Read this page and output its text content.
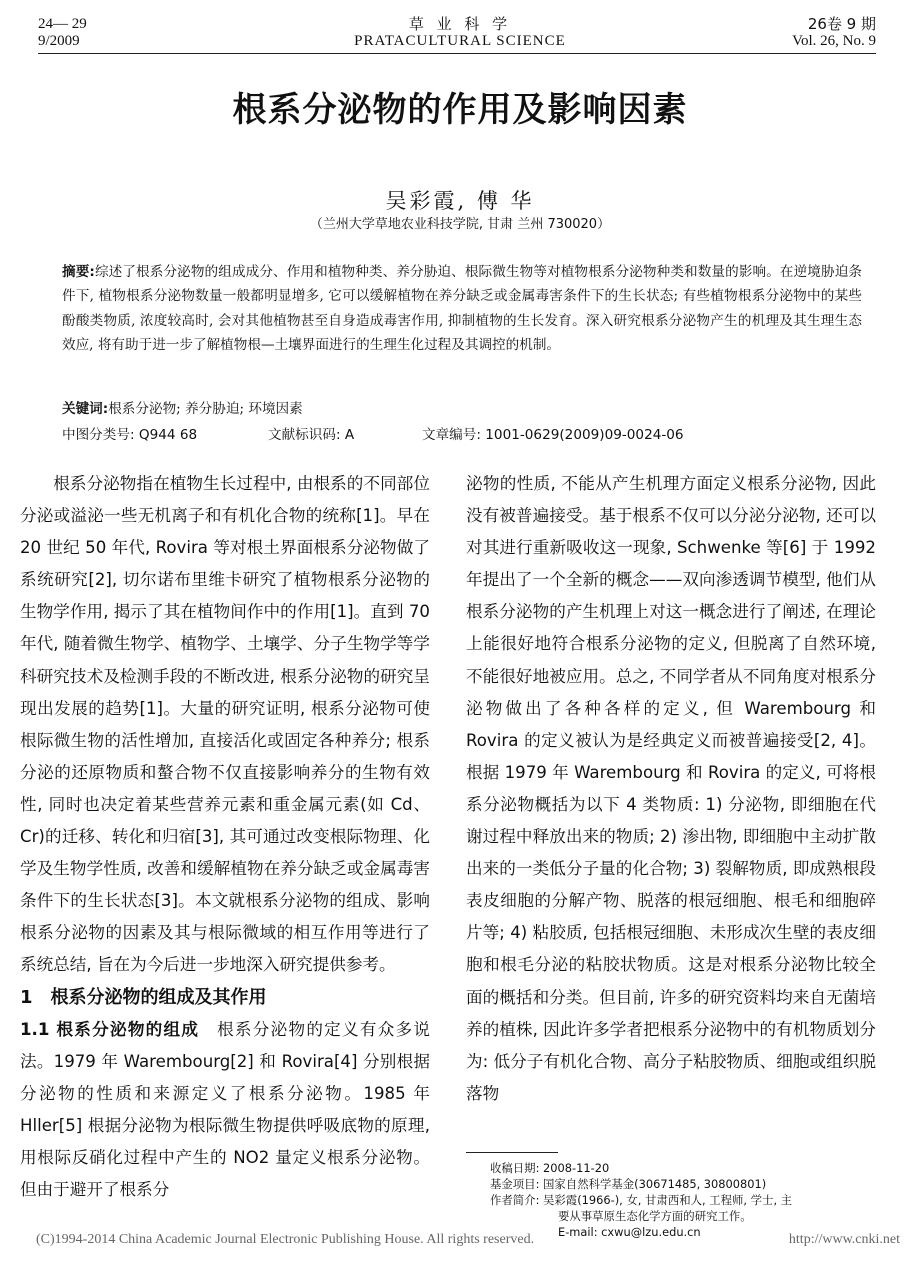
24— 29
9/2009
草 业 科 学
PRATACULTURAL SCIENCE
26卷 9 期
Vol. 26, No. 9
根系分泌物的作用及影响因素
吴彩霞, 傅 华
（兰州大学草地农业科技学院, 甘肃 兰州 730020）
摘要:综述了根系分泌物的组成成分、作用和植物种类、养分胁迫、根际微生物等对植物根系分泌物种类和数量的影响。在逆境胁迫条件下, 植物根系分泌物数量一般都明显增多, 它可以缓解植物在养分缺乏或金属毒害条件下的生长状态; 有些植物根系分泌物中的某些酚酸类物质, 浓度较高时, 会对其他植物甚至自身造成毒害作用, 抑制植物的生长发育。深入研究根系分泌物产生的机理及其生理生态效应, 将有助于进一步了解植物根—土壤界面进行的生理生化过程及其调控的机制。
关键词:根系分泌物; 养分胁迫; 环境因素
中图分类号: Q944 68	文献标识码: A	文章编号: 1001-0629(2009)09-0024-06

根系分泌物指在植物生长过程中, 由根系的不同部位分泌或溢泌一些无机离子和有机化合物的统称[1]。早在 20 世纪 50 年代, Rovira 等对根土界面根系分泌物做了系统研究[2], 切尔诺布里维卡研究了植物根系分泌物的生物学作用, 揭示了其在植物间作中的作用[1]。直到 70 年代, 随着微生物学、植物学、土壤学、分子生物学等学科研究技术及检测手段的不断改进, 根系分泌物的研究呈现出发展的趋势[1]。大量的研究证明, 根系分泌物可使根际微生物的活性增加, 直接活化或固定各种养分; 根系分泌的还原物质和螯合物不仅直接影响养分的生物有效性, 同时也决定着某些营养元素和重金属元素(如 Cd、Cr)的迁移、转化和归宿[3], 其可通过改变根际物理、化学及生物学性质, 改善和缓解植物在养分缺乏或金属毒害条件下的生长状态[3]。本文就根系分泌物的组成、影响根系分泌物的因素及其与根际微域的相互作用等进行了系统总结, 旨在为今后进一步地深入研究提供参考。

1　根系分泌物的组成及其作用

1.1 根系分泌物的组成　 根系分泌物的定义有众多说法。1979 年 Warembourg[2] 和 Rovira[4] 分别根据分泌物的性质和来源定义了根系分泌物。1985 年 Hller[5] 根据分泌物为根际微生物提供呼吸底物的原理, 用根际反硝化过程中产生的 NO2 量定义根系分泌物。但由于避开了根系分

泌物的性质, 不能从产生机理方面定义根系分泌物, 因此没有被普遍接受。基于根系不仅可以分泌分泌物, 还可以对其进行重新吸收这一现象, Schwenke 等[6] 于 1992 年提出了一个全新的概念——双向渗透调节模型, 他们从根系分泌物的产生机理上对这一概念进行了阐述, 在理论上能很好地符合根系分泌物的定义, 但脱离了自然环境, 不能很好地被应用。总之, 不同学者从不同角度对根系分泌物做出了各种各样的定义, 但 Warembourg 和 Rovira 的定义被认为是经典定义而被普遍接受[2, 4]。根据 1979 年 Warembourg 和 Rovira 的定义, 可将根系分泌物概括为以下 4 类物质: 1) 分泌物, 即细胞在代谢过程中释放出来的物质; 2) 渗出物, 即细胞中主动扩散出来的一类低分子量的化合物; 3) 裂解物质, 即成熟根段表皮细胞的分解产物、脱落的根冠细胞、根毛和细胞碎片等; 4) 粘胶质, 包括根冠细胞、未形成次生壁的表皮细胞和根毛分泌的粘胶状物质。这是对根系分泌物比较全面的概括和分类。但目前, 许多的研究资料均来自无菌培养的植株, 因此许多学者把根系分泌物中的有机物质划分为: 低分子有机化合物、高分子粘胶物质、细胞或组织脱落物

收稿日期: 2008-11-20
基金项目: 国家自然科学基金(30671485, 30800801)
作者简介: 吴彩霞(1966-), 女, 甘肃西和人, 工程师, 学士, 主
要从事草原生态化学方面的研究工作。
E-mail: cxwu@lzu.edu.cn
(C)1994-2014 China Academic Journal Electronic Publishing House. All rights reserved.	http://www.cnki.net
